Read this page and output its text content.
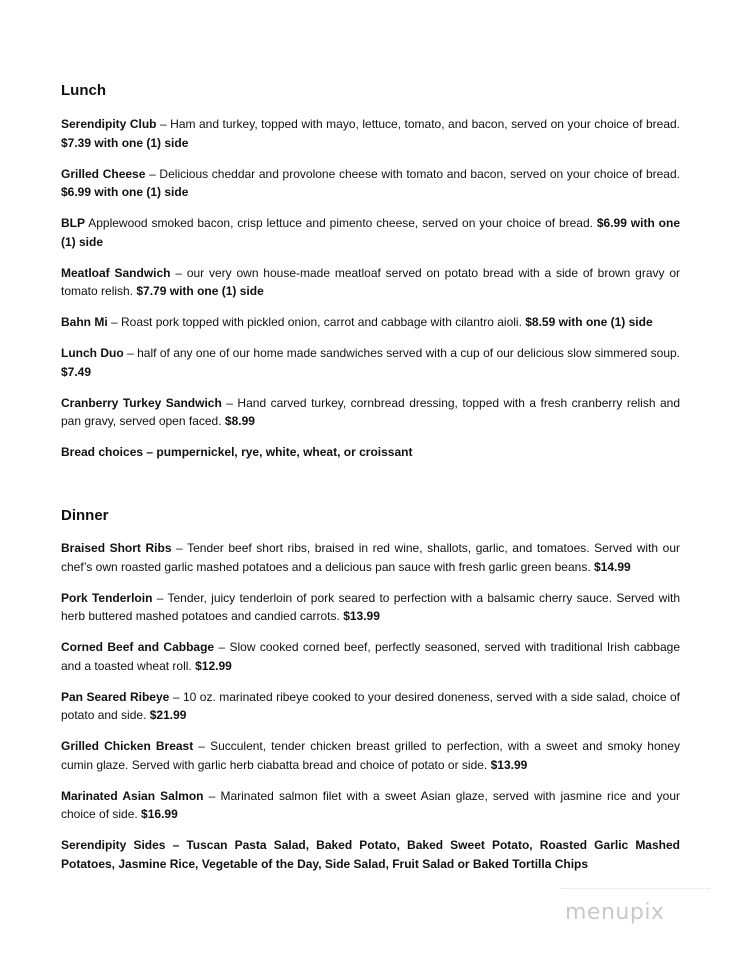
Lunch

Serendipity Club – Ham and turkey, topped with mayo, lettuce, tomato, and bacon, served on your choice of bread. $7.39 with one (1) side

Grilled Cheese – Delicious cheddar and provolone cheese with tomato and bacon, served on your choice of bread. $6.99 with one (1) side

BLP Applewood smoked bacon, crisp lettuce and pimento cheese, served on your choice of bread. $6.99 with one (1) side

Meatloaf Sandwich – our very own house-made meatloaf served on potato bread with a side of brown gravy or tomato relish. $7.79 with one (1) side

Bahn Mi – Roast pork topped with pickled onion, carrot and cabbage with cilantro aioli. $8.59 with one (1) side

Lunch Duo – half of any one of our home made sandwiches served with a cup of our delicious slow simmered soup. $7.49

Cranberry Turkey Sandwich – Hand carved turkey, cornbread dressing, topped with a fresh cranberry relish and pan gravy, served open faced. $8.99

Bread choices – pumpernickel, rye, white, wheat, or croissant

Dinner

Braised Short Ribs – Tender beef short ribs, braised in red wine, shallots, garlic, and tomatoes. Served with our chef’s own roasted garlic mashed potatoes and a delicious pan sauce with fresh garlic green beans. $14.99

Pork Tenderloin – Tender, juicy tenderloin of pork seared to perfection with a balsamic cherry sauce. Served with herb buttered mashed potatoes and candied carrots. $13.99

Corned Beef and Cabbage – Slow cooked corned beef, perfectly seasoned, served with traditional Irish cabbage and a toasted wheat roll. $12.99

Pan Seared Ribeye – 10 oz. marinated ribeye cooked to your desired doneness, served with a side salad, choice of potato and side. $21.99

Grilled Chicken Breast – Succulent, tender chicken breast grilled to perfection, with a sweet and smoky honey cumin glaze. Served with garlic herb ciabatta bread and choice of potato or side. $13.99

Marinated Asian Salmon – Marinated salmon filet with a sweet Asian glaze, served with jasmine rice and your choice of side. $16.99

Serendipity Sides – Tuscan Pasta Salad, Baked Potato, Baked Sweet Potato, Roasted Garlic Mashed Potatoes, Jasmine Rice, Vegetable of the Day, Side Salad, Fruit Salad or Baked Tortilla Chips

menupix
